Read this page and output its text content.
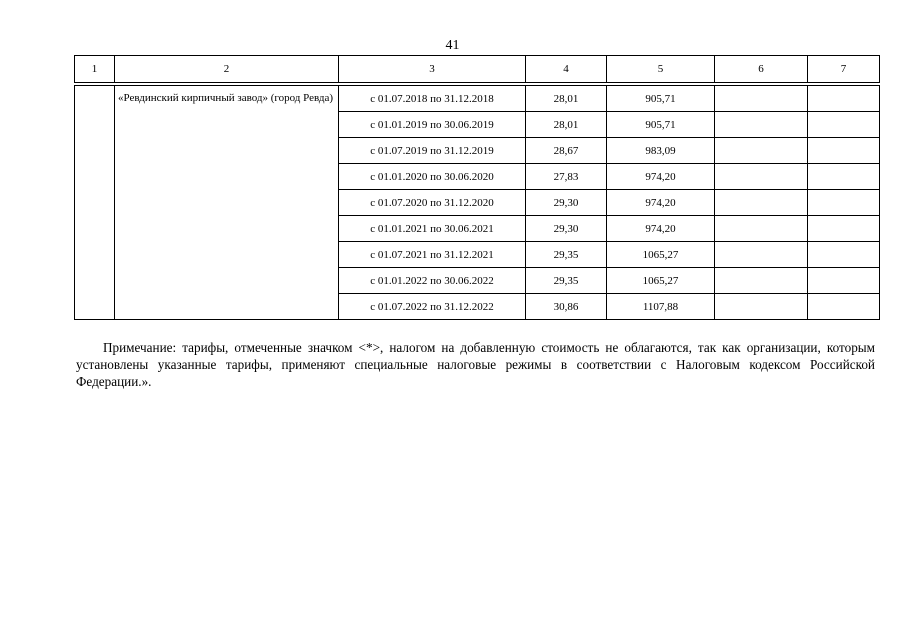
41
1	2	3	4	5	6	7

	«Ревдинский кирпичный завод» (город Ревда)	с 01.07.2018 по 31.12.2018	28,01	905,71		
		с 01.01.2019 по 30.06.2019	28,01	905,71		
		с 01.07.2019 по 31.12.2019	28,67	983,09		
		с 01.01.2020 по 30.06.2020	27,83	974,20		
		с 01.07.2020 по 31.12.2020	29,30	974,20		
		с 01.01.2021 по 30.06.2021	29,30	974,20		
		с 01.07.2021 по 31.12.2021	29,35	1065,27		
		с 01.01.2022 по 30.06.2022	29,35	1065,27		
		с 01.07.2022 по 31.12.2022	30,86	1107,88		
Примечание: тарифы, отмеченные значком <*>, налогом на добавленную стоимость не облагаются, так как организации, которым установлены указанные тарифы, применяют специальные налоговые режимы в соответствии с Налоговым кодексом Российской Федерации.».
